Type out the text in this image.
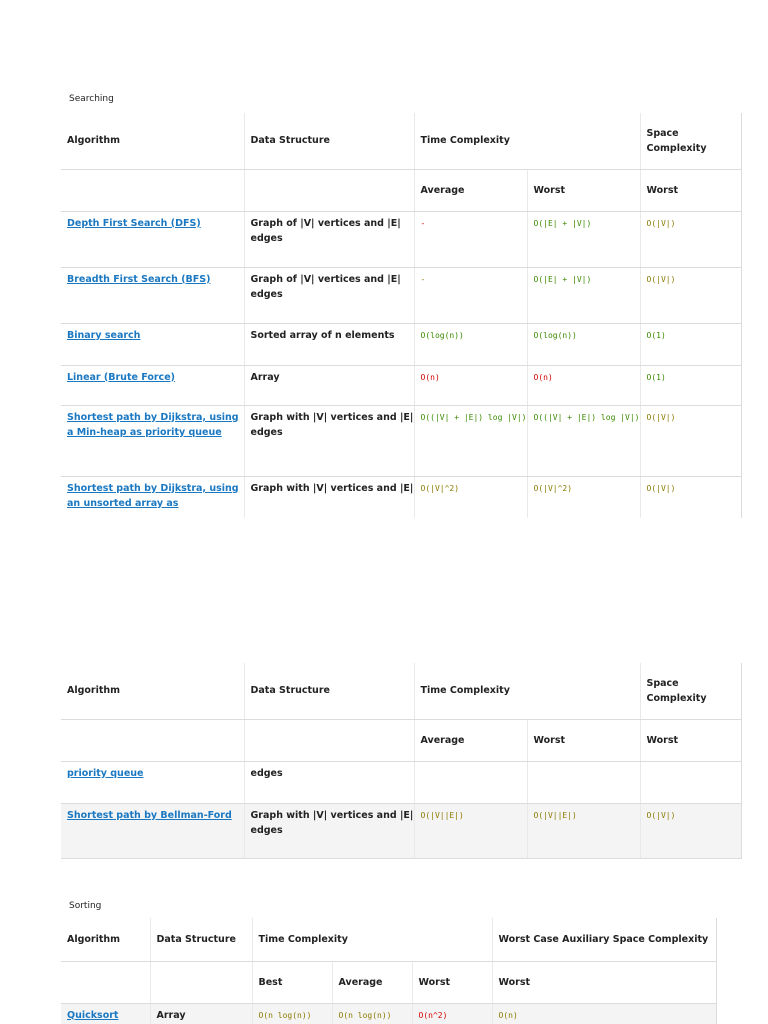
Searching
Algorithm	Data Structure	Time Complexity		Space Complexity
		Average	Worst	Worst
Depth First Search (DFS)	Graph of |V| vertices and |E| edges	-	O(|E| + |V|)	O(|V|)
Breadth First Search (BFS)	Graph of |V| vertices and |E| edges	-	O(|E| + |V|)	O(|V|)
Binary search	Sorted array of n elements	O(log(n))	O(log(n))	O(1)
Linear (Brute Force)	Array	O(n)	O(n)	O(1)
Shortest path by Dijkstra, using a Min-heap as priority queue	Graph with |V| vertices and |E| edges	O((|V| + |E|) log |V|)	O((|V| + |E|) log |V|)	O(|V|)
Shortest path by Dijkstra, using an unsorted array as	Graph with |V| vertices and |E|	O(|V|^2)	O(|V|^2)	O(|V|)
Algorithm	Data Structure	Time Complexity		Space Complexity
		Average	Worst	Worst
priority queue	edges			
Shortest path by Bellman-Ford	Graph with |V| vertices and |E| edges	O(|V||E|)	O(|V||E|)	O(|V|)
Sorting
Algorithm	Data Structure	Time Complexity			Worst Case Auxiliary Space Complexity
		Best	Average	Worst	Worst
Quicksort	Array	O(n log(n))	O(n log(n))	O(n^2)	O(n)
